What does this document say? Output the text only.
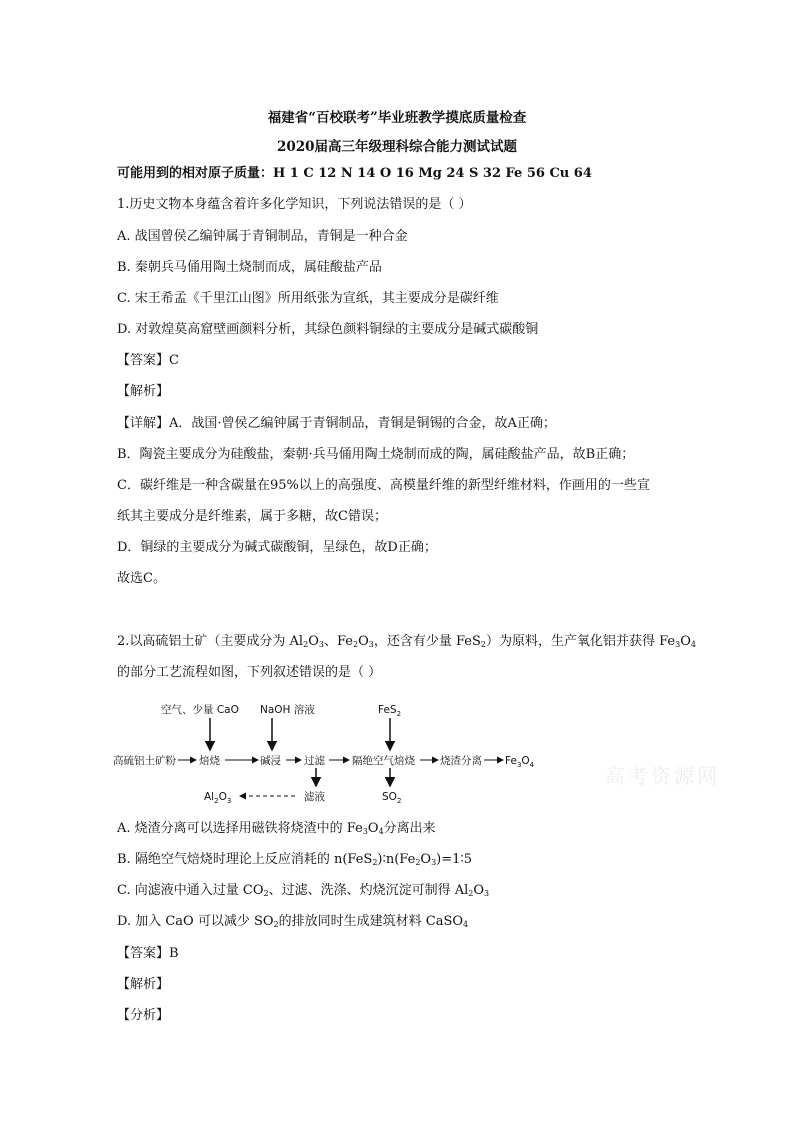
福建省“百校联考”毕业班教学摸底质量检查
2020届高三年级理科综合能力测试试题
可能用到的相对原子质量：H 1 C 12 N 14 O 16 Mg 24 S 32 Fe 56 Cu 64
1.历史文物本身蕴含着许多化学知识，下列说法错误的是（ ）
A. 战国曾侯乙编钟属于青铜制品，青铜是一种合金
B. 秦朝兵马俑用陶土烧制而成，属硅酸盐产品
C. 宋王希孟《千里江山图》所用纸张为宣纸，其主要成分是碳纤维
D. 对敦煌莫高窟壁画颜料分析，其绿色颜料铜绿的主要成分是碱式碳酸铜
【答案】C
【解析】
【详解】A．战国·曾侯乙编钟属于青铜制品，青铜是铜锡的合金，故A正确；
B．陶瓷主要成分为硅酸盐，秦朝·兵马俑用陶土烧制而成的陶，属硅酸盐产品，故B正确；
C．碳纤维是一种含碳量在95%以上的高强度、高模量纤维的新型纤维材料，作画用的一些宣
纸其主要成分是纤维素，属于多糖，故C错误；
D．铜绿的主要成分为碱式碳酸铜，呈绿色，故D正确；
故选C。
2.以高硫铝土矿（主要成分为 $Al_2O_3$、$Fe_2O_3$，还含有少量 FeS$_2$）为原料，生产氧化铝并获得 $Fe_3O_4$
的部分工艺流程如图，下列叙述错误的是（ ）
空气、少量 CaO NaOH 溶液	FeS$_2$
高硫铝土矿粉 焙烧	碱浸 过滤	隔绝空气焙烧 烧渣分离 $Fe_3O_4$
滤液
$Al_2O_3$	$SO_2$
高考资源网
A. 烧渣分离可以选择用磁铁将烧渣中的 $Fe_3O_4$分离出来
B. 隔绝空气焙烧时理论上反应消耗的 $n(FeS_2)∶n(Fe_2O_3)=1∶5$
C. 向滤液中通入过量 $CO_2$、过滤、洗涤、灼烧沉淀可制得 $Al_2O_3$
D. 加入 CaO 可以减少 $SO_2$的排放同时生成建筑材料 CaSO$_4$
【答案】B
【解析】
【分析】
